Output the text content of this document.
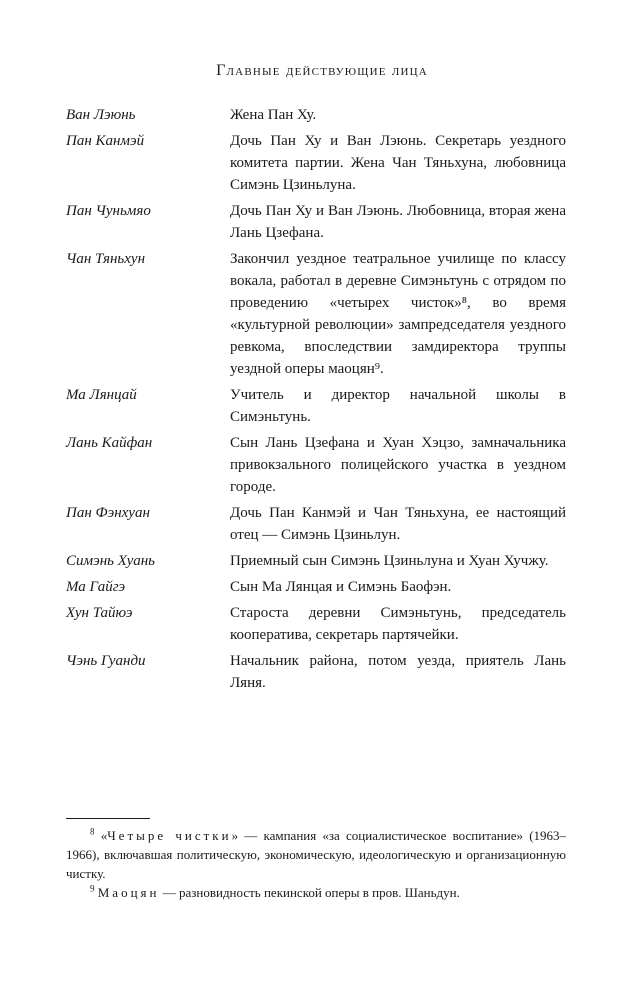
Главные действующие лица
Ван Лэюнь	Жена Пан Ху.
Пан Канмэй	Дочь Пан Ху и Ван Лэюнь. Секретарь уездного комитета партии. Жена Чан Тяньхуна, любовница Симэнь Цзиньлуна.
Пан Чуньмяо	Дочь Пан Ху и Ван Лэюнь. Любовница, вторая жена Лань Цзефана.
Чан Тяньхун	Закончил уездное театральное училище по классу вокала, работал в деревне Симэньтунь с отрядом по проведению «четырех чисток»⁸, во время «культурной революции» зампредседателя уездного ревкома, впоследствии замдиректора труппы уездной оперы маоцян⁹.
Ма Лянцай	Учитель и директор начальной школы в Симэньтунь.
Лань Кайфан	Сын Лань Цзефана и Хуан Хэцзо, замначальника привокзального полицейского участка в уездном городе.
Пан Фэнхуан	Дочь Пан Канмэй и Чан Тяньхуна, ее настоящий отец — Симэнь Цзиньлун.
Симэнь Хуань	Приемный сын Симэнь Цзиньлуна и Хуан Хучжу.
Ма Гайгэ	Сын Ма Лянцая и Симэнь Баофэн.
Хун Тайюэ	Староста деревни Симэньтунь, председатель кооператива, секретарь партячейки.
Чэнь Гуанди	Начальник района, потом уезда, приятель Лань Ляня.

$^8$ «Четыре чистки» — кампания «за социалистическое воспитание» (1963–1966), включавшая политическую, экономическую, идеологическую и организационную чистку.

$^9$ Маоцян — разновидность пекинской оперы в пров. Шаньдун.
